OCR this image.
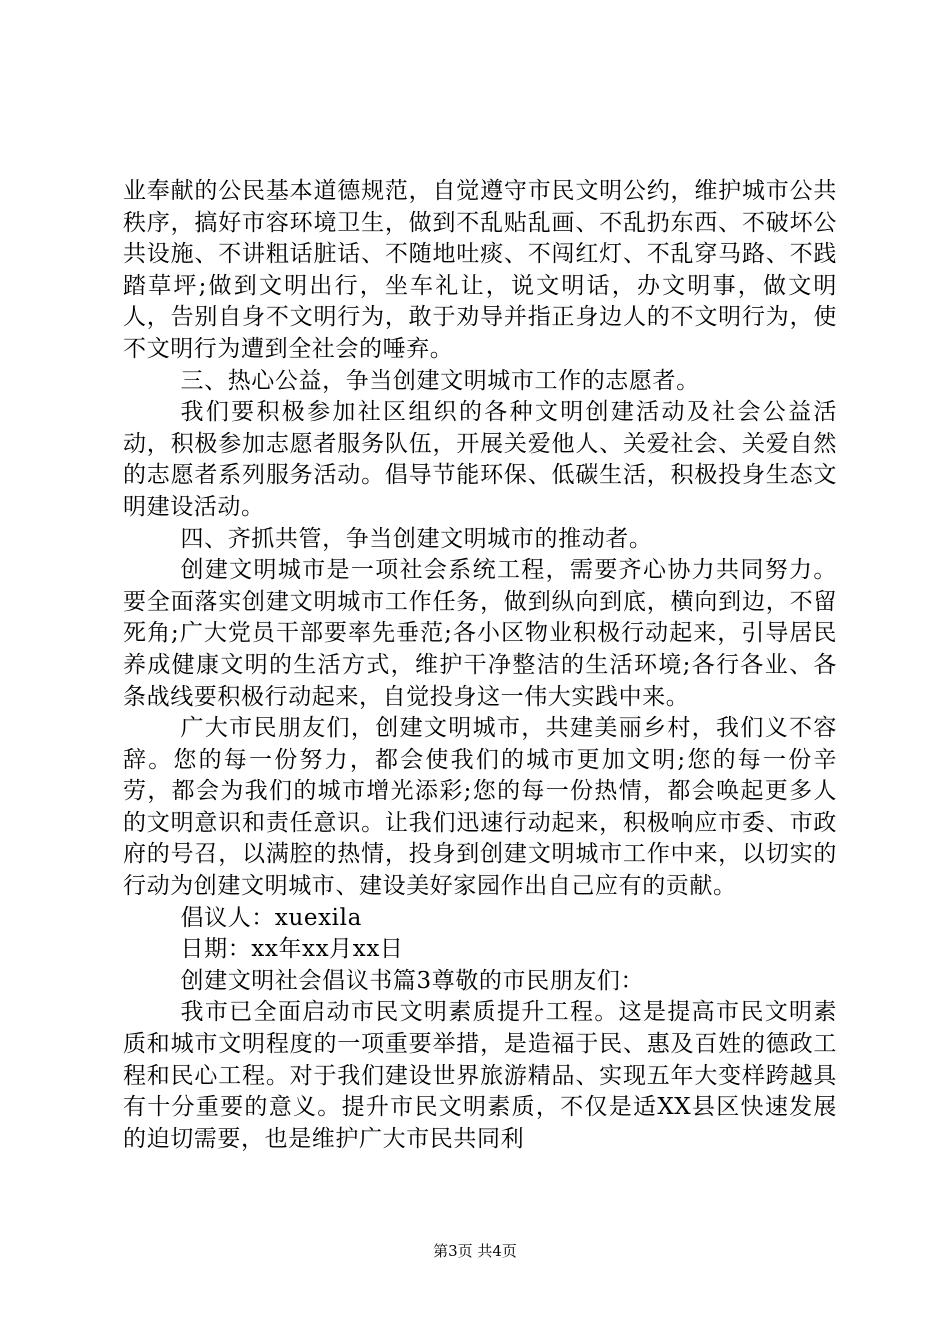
业奉献的公民基本道德规范，自觉遵守市民文明公约，维护城市公共秩序，搞好市容环境卫生，做到不乱贴乱画、不乱扔东西、不破坏公共设施、不讲粗话脏话、不随地吐痰、不闯红灯、不乱穿马路、不践踏草坪;做到文明出行，坐车礼让，说文明话，办文明事，做文明人，告别自身不文明行为，敢于劝导并指正身边人的不文明行为，使不文明行为遭到全社会的唾弃。

三、热心公益，争当创建文明城市工作的志愿者。

我们要积极参加社区组织的各种文明创建活动及社会公益活动，积极参加志愿者服务队伍，开展关爱他人、关爱社会、关爱自然的志愿者系列服务活动。倡导节能环保、低碳生活，积极投身生态文明建设活动。

四、齐抓共管，争当创建文明城市的推动者。

创建文明城市是一项社会系统工程，需要齐心协力共同努力。要全面落实创建文明城市工作任务，做到纵向到底，横向到边，不留死角;广大党员干部要率先垂范;各小区物业积极行动起来，引导居民养成健康文明的生活方式，维护干净整洁的生活环境;各行各业、各条战线要积极行动起来，自觉投身这一伟大实践中来。

广大市民朋友们，创建文明城市，共建美丽乡村，我们义不容辞。您的每一份努力，都会使我们的城市更加文明;您的每一份辛劳，都会为我们的城市增光添彩;您的每一份热情，都会唤起更多人的文明意识和责任意识。让我们迅速行动起来，积极响应市委、市政府的号召，以满腔的热情，投身到创建文明城市工作中来，以切实的行动为创建文明城市、建设美好家园作出自己应有的贡献。

倡议人：xuexila

日期：xx年xx月xx日

创建文明社会倡议书篇3尊敬的市民朋友们：

我市已全面启动市民文明素质提升工程。这是提高市民文明素质和城市文明程度的一项重要举措，是造福于民、惠及百姓的德政工程和民心工程。对于我们建设世界旅游精品、实现五年大变样跨越具有十分重要的意义。提升市民文明素质，不仅是适XX县区快速发展的迫切需要，也是维护广大市民共同利

第3页 共4页
